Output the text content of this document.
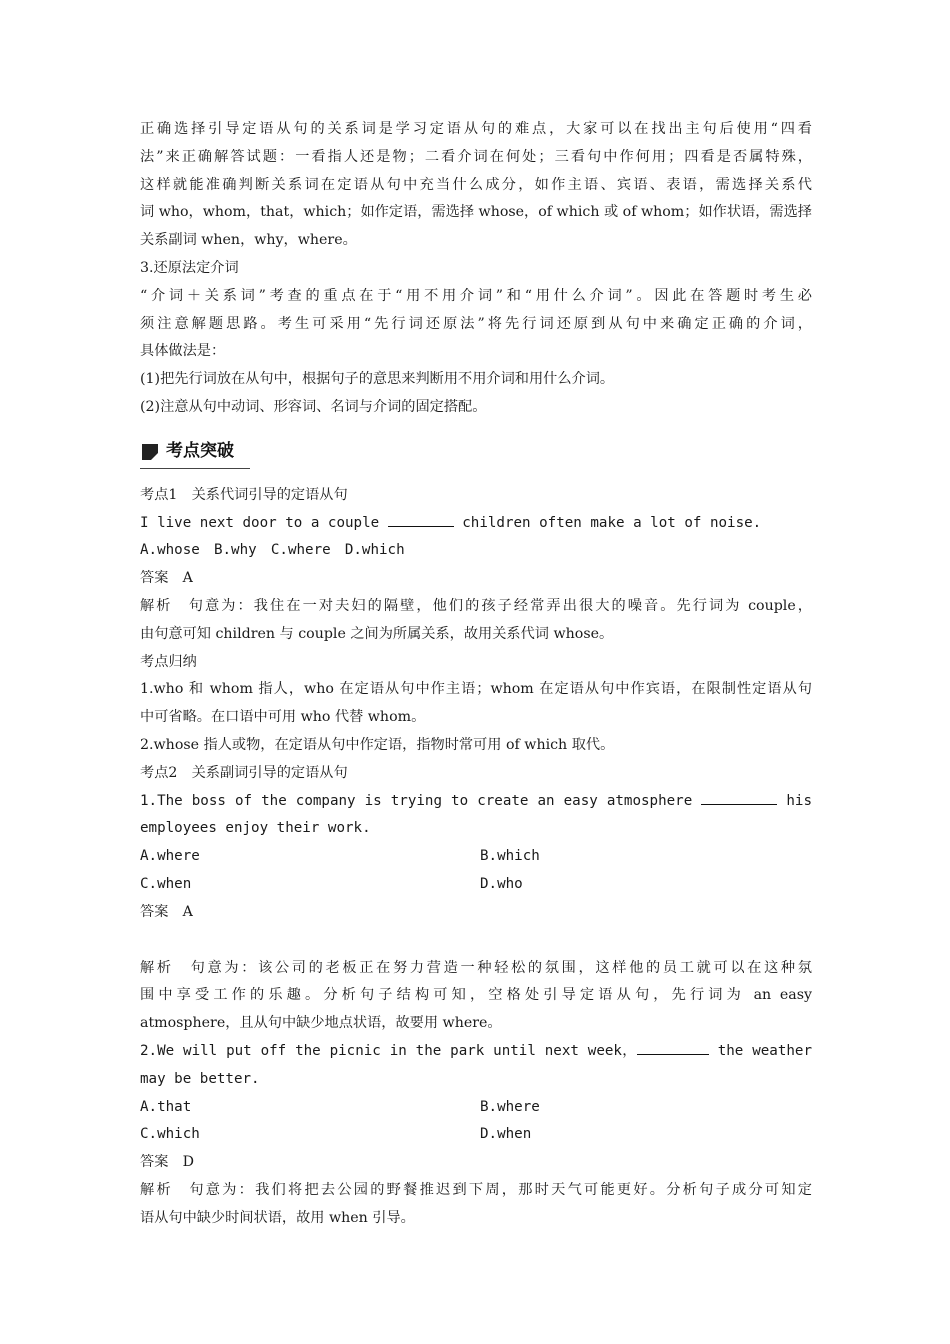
正确选择引导定语从句的关系词是学习定语从句的难点，大家可以在找出主句后使用“四看
法”来正确解答试题：一看指人还是物；二看介词在何处；三看句中作何用；四看是否属特殊，
这样就能准确判断关系词在定语从句中充当什么成分，如作主语、宾语、表语，需选择关系代
词 who，whom，that，which；如作定语，需选择 whose，of which 或 of whom；如作状语，需选择
关系副词 when，why，where。
3.还原法定介词
“介词＋关系词”考查的重点在于“用不用介词”和“用什么介词”。因此在答题时考生必
须注意解题思路。考生可采用“先行词还原法”将先行词还原到从句中来确定正确的介词，
具体做法是：
(1)把先行词放在从句中，根据句子的意思来判断用不用介词和用什么介词。
(2)注意从句中动词、形容词、名词与介词的固定搭配。
考点突破
考点1　关系代词引导的定语从句
I live next door to a couple	children often make a lot of noise.
A.whose　B.why　C.where　D.which
答案　A
解析　句意为：我住在一对夫妇的隔壁，他们的孩子经常弄出很大的噪音。先行词为 couple，
由句意可知 children 与 couple 之间为所属关系，故用关系代词 whose。
考点归纳
1.who 和 whom 指人，who 在定语从句中作主语；whom 在定语从句中作宾语，在限制性定语从句
中可省略。在口语中可用 who 代替 whom。
2.whose 指人或物，在定语从句中作定语，指物时常可用 of which 取代。
考点2　关系副词引导的定语从句
1.The boss of the company is trying to create an easy atmosphere	his
employees enjoy their work.
A.where	B.which
C.when	D.who
答案　A
解析　句意为：该公司的老板正在努力营造一种轻松的氛围，这样他的员工就可以在这种氛
围中享受工作的乐趣。分析句子结构可知，空格处引导定语从句，先行词为 an easy
atmosphere，且从句中缺少地点状语，故要用 where。
2.We will put off the picnic in the park until next week，	the weather
may be better.
A.that	B.where
C.which	D.when
答案　D
解析　句意为：我们将把去公园的野餐推迟到下周，那时天气可能更好。分析句子成分可知定
语从句中缺少时间状语，故用 when 引导。
